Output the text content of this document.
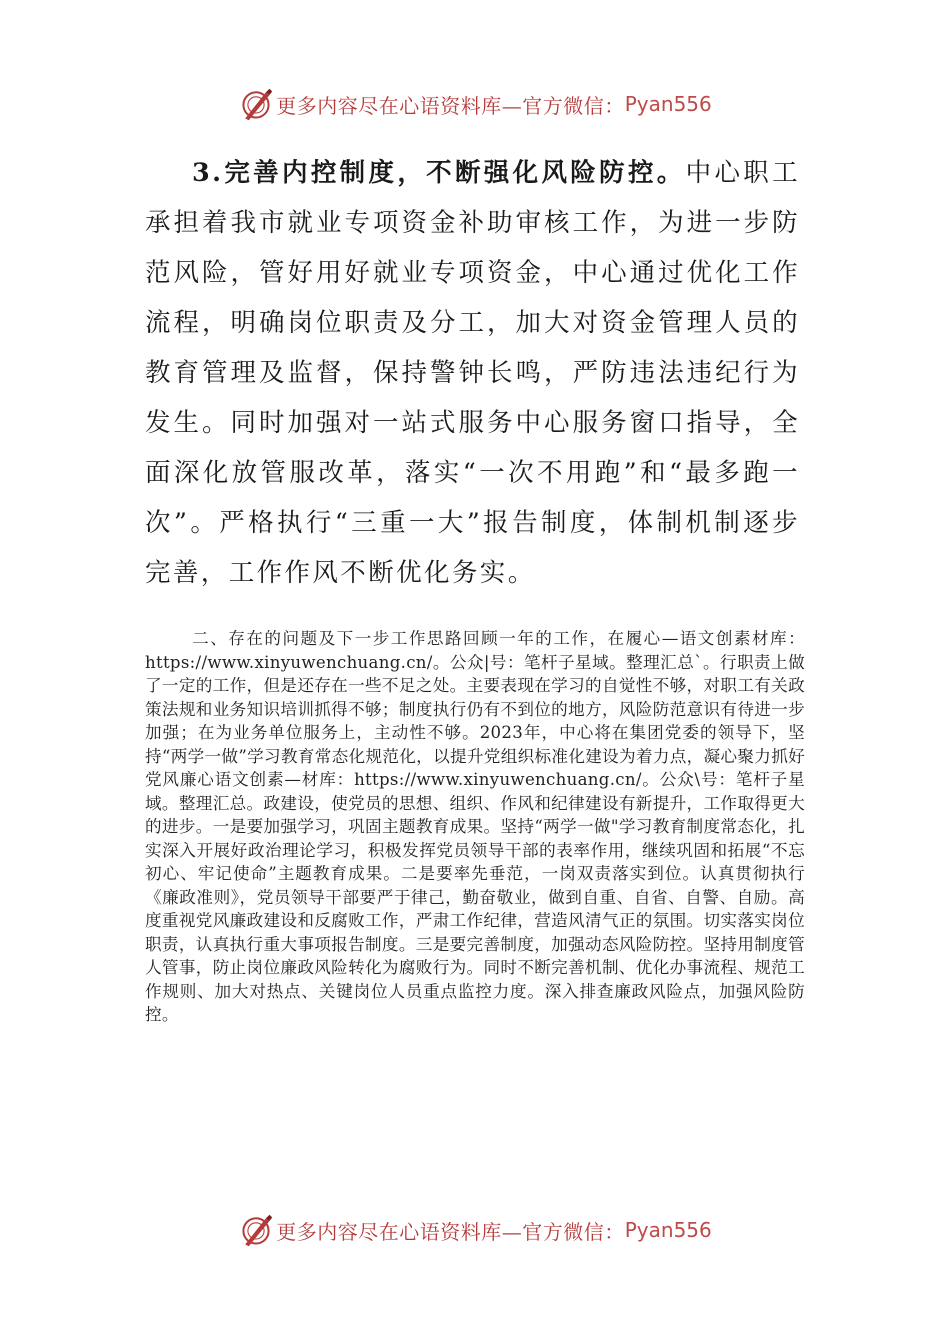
更多内容尽在心语资料库—官方微信： Pyan556
3.完善内控制度，不断强化风险防控。中心职工承担着我市就业专项资金补助审核工作，为进一步防范风险，管好用好就业专项资金，中心通过优化工作流程，明确岗位职责及分工，加大对资金管理人员的教育管理及监督，保持警钟长鸣，严防违法违纪行为发生。同时加强对一站式服务中心服务窗口指导，全面深化放管服改革，落实“一次不用跑”和“最多跑一次”。严格执行“三重一大”报告制度，体制机制逐步完善，工作作风不断优化务实。
二、存在的问题及下一步工作思路回顾一年的工作，在履心—语文创素材库：https://www.xinyuwenchuang.cn/。公众|号：笔杆子星域。整理汇总`。行职责上做了一定的工作，但是还存在一些不足之处。主要表现在学习的自觉性不够，对职工有关政策法规和业务知识培训抓得不够；制度执行仍有不到位的地方，风险防范意识有待进一步加强；在为业务单位服务上，主动性不够。2023年，中心将在集团党委的领导下，坚持“两学一做”学习教育常态化规范化，以提升党组织标准化建设为着力点，凝心聚力抓好党风廉心语文创素—材库：https://www.xinyuwenchuang.cn/。公众\号：笔杆子星域。整理汇总。政建设，使党员的思想、组织、作风和纪律建设有新提升，工作取得更大的进步。一是要加强学习，巩固主题教育成果。坚持“两学一做"学习教育制度常态化，扎实深入开展好政治理论学习，积极发挥党员领导干部的表率作用，继续巩固和拓展“不忘初心、牢记使命”主题教育成果。二是要率先垂范，一岗双责落实到位。认真贯彻执行《廉政准则》，党员领导干部要严于律己，勤奋敬业，做到自重、自省、自警、自励。高度重视党风廉政建设和反腐败工作，严肃工作纪律，营造风清气正的氛围。切实落实岗位职责，认真执行重大事项报告制度。三是要完善制度，加强动态风险防控。坚持用制度管人管事，防止岗位廉政风险转化为腐败行为。同时不断完善机制、优化办事流程、规范工作规则、加大对热点、关键岗位人员重点监控力度。深入排查廉政风险点，加强风险防控。
更多内容尽在心语资料库—官方微信： Pyan556
